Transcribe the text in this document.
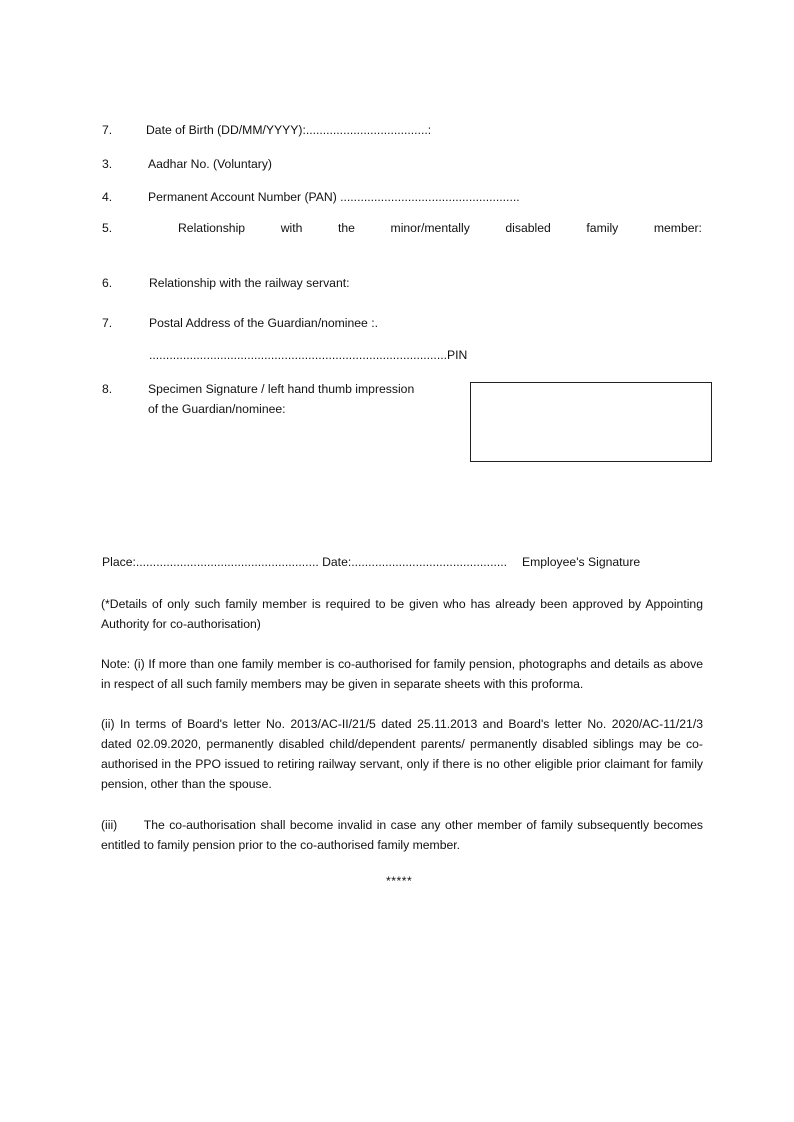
7.	Date of Birth (DD/MM/YYYY):....................................:
3.	Aadhar No. (Voluntary)
4.	Permanent Account Number (PAN) .....................................................
5.	Relationship	with	the	minor/mentally	disabled	family	member:
6.	Relationship with the railway servant:
7.	Postal Address of the Guardian/nominee :.
........................................................................................PIN
8.	Specimen Signature / left hand thumb impression
of the Guardian/nominee:
Place:...................................................... Date:.............................................. Employee's Signature
(*Details of only such family member is required to be given who has already been approved by Appointing Authority for co-authorisation)
Note: (i) If more than one family member is co-authorised for family pension, photographs and details as above in respect of all such family members may be given in separate sheets with this proforma.
(ii) In terms of Board's letter No. 2013/AC-II/21/5 dated 25.11.2013 and Board's letter No. 2020/AC-11/21/3 dated 02.09.2020, permanently disabled child/dependent parents/ permanently disabled siblings may be co-authorised in the PPO issued to retiring railway servant, only if there is no other eligible prior claimant for family pension, other than the spouse.
(iii)      The co-authorisation shall become invalid in case any other member of family subsequently becomes entitled to family pension prior to the co-authorised family member.
*****
